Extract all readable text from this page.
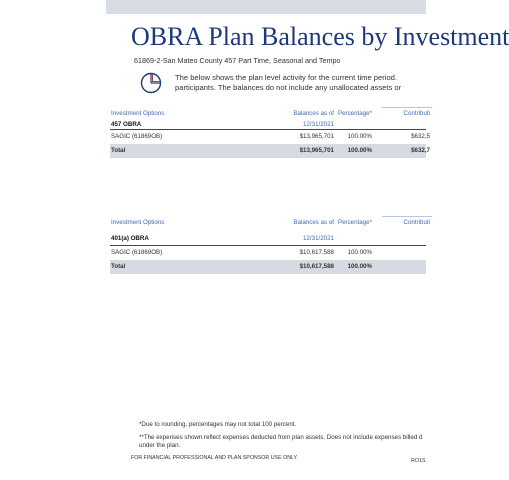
OBRA Plan Balances by Investment
61869-2-San Mateo County 457 Part Time, Seasonal and Tempo
The below shows the plan level activity for the current time period.
participants. The balances do not include any unallocated assets or
Investment Options	Balances as of Percentage*	Contributi
457 OBRA	12/31/2021
SAGIC (61869OB)	$13,965,701 100.00%	$632,5
Total	$13,965,701 100.00%	$632,7
Investment Options	Balances as of Percentage*	Contributi
401(a) OBRA	12/31/2021
SAGIC (61869OB)	$10,617,588 100.00%
Total	$10,617,588 100.00%
*Due to rounding, percentages may not total 100 percent.
**The expenses shown reflect expenses deducted from plan assets. Does not include expenses billed d
under the plan.
FOR FINANCIAL PROFESSIONAL AND PLAN SPONSOR USE ONLY.	RO1S
